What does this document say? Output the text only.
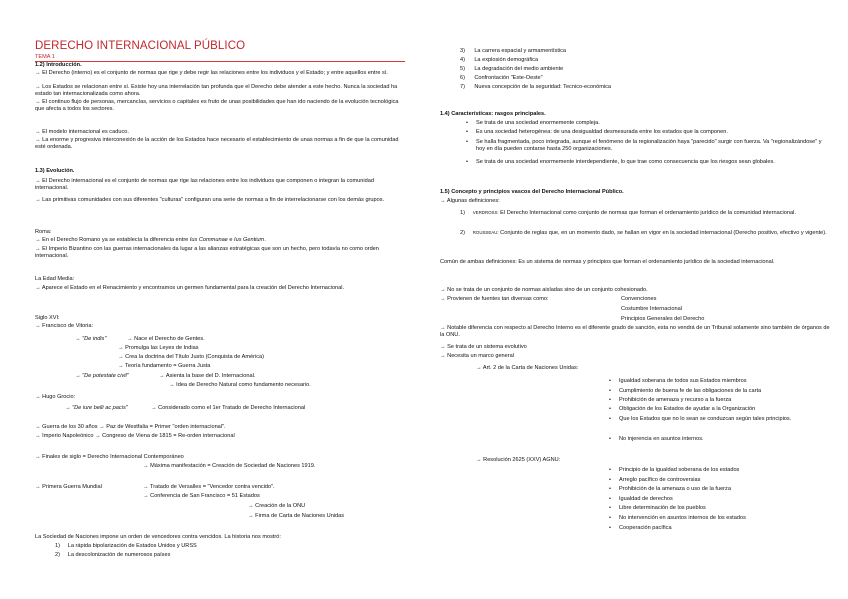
DERECHO INTERNACIONAL PÚBLICO
TEMA 1
1.2) Introducción.
→ El Derecho (interno) es el conjunto de normas que rige y debe regir las relaciones entre los individuos y el Estado; y entre aquellos entre sí.
→ Los Estados se relacionan entre sí. Existe hoy una interrelación tan profunda que el Derecho debe atender a este hecho. Nunca la sociedad ha estado tan internacionalizada como ahora.
→ El continuo flujo de personas, mercancías, servicios o capitales es fruto de unas posibilidades que han ido naciendo de la evolución tecnológica que afecta a todos los sectores.
→ El modelo internacional es caduco.
→ La enorme y progresiva interconexión de la acción de los Estados hace necesario el establecimiento de unas normas a fin de que la comunidad esté ordenada.
1.3) Evolución.
→ El Derecho internacional es el conjunto de normas que rige las relaciones entre los individuos que componen o integran la comunidad internacional.
→ Las primitivas comunidades con sus diferentes "culturas" configuran una serie de normas a fin de interrelacionarse con los demás grupos.
Roma:
→ En el Derecho Romano ya se establecía la diferencia entre Ius Communae e Ius Gentium.
→ El Imperio Bizantino con las guerras internacionales da lugar a las alianzas estratégicas que son un hecho, pero todavía no como orden internacional.
La Edad Media:
→ Aparece el Estado en el Renacimiento y encontramos un germen fundamental para la creación del Derecho Internacional.
Siglo XVI:
→ Francisco de Vitoria:
→ "De indis"	→ Nace el Derecho de Gentes.
→ Promulga las Leyes de Indias
→ Crea la doctrina del Título Justo (Conquista de América)
→ Teoría fundamento = Guerra Justa
→ "De potestate civil"	→ Asienta la base del D. Internacional.
→ Idea de Derecho Natural como fundamento necesario.
→ Hugo Grocio:
→ "De iure belli ac pacis"	→ Considerado como el 1er Tratado de Derecho Internacional
→ Guerra de los 30 años → Paz de Westfalia = Primer "orden internacional".
→ Imperio Napoleónico → Congreso de Viena de 1815 = Re-orden internacional
→ Finales de siglo = Derecho Internacional Contemporáneo
→ Máxima manifestación = Creación de Sociedad de Naciones 1919.
→ Primera Guerra Mundial	→ Tratado de Versalles = "Vencedor contra vencido".
→ Conferencia de San Francisco = 51 Estados
→ Creación de la ONU
→ Firma de Carta de Naciones Unidas
La Sociedad de Naciones impone un orden de vencedores contra vencidos. La historia nos mostró:
1)     La rápida bipolarización de Estados Unidos y URSS
2)     La descolonización de numerosos países
3)      La carrera espacial y armamentística
4)      La explosión demográfica
5)      La degradación del medio ambiente
6)      Confrontación "Este-Oeste"
7)      Nueva concepción de la seguridad: Tecnico-económica
1.4) Características: rasgos principales.
• Se trata de una sociedad enormemente compleja.
• Es una sociedad heterogénea: de una desigualdad desmesurada entre los estados que la componen.
• Se halla fragmentada, poco integrada, aunque el fenómeno de la regionalización haya "parecido" surgir con fuerza. Va "regionalizándose" y hoy en día pueden contarse hasta 250 organizaciones.
• Se trata de una sociedad enormemente interdependiente, lo que trae como consecuencia que los riesgos sean globales.
1.5) Concepto y principios vascos del Derecho Internacional Público.
→ Algunas definiciones:
1)     VERDROSS: El Derecho Internacional como conjunto de normas que forman el ordenamiento jurídico de la comunidad internacional.
2)     ROUSSEAU: Conjunto de reglas que, en un momento dado, se hallan en vigor en la sociedad internacional (Derecho positivo, efectivo y vigente).
Común de ambas definiciones: Es un sistema de normas y principios que forman el ordenamiento jurídico de la sociedad internacional.
→ No se trata de un conjunto de normas aisladas sino de un conjunto cohesionado.
→ Provienen de fuentes tan diversas como:	Convenciones
Costumbre Internacional
Principios Generales del Derecho
→ Notable diferencia con respecto al Derecho Interno es el diferente grado de sanción, esta no vendrá de un Tribunal solamente sino también de órganos de la ONU.
→ Se trata de un sistema evolutivo
→ Necesita un marco general
→ Art. 2 de la Carta de Naciones Unidas:
• Igualdad soberana de todos sus Estados miembros
• Cumplimiento de buena fe de las obligaciones de la carta
• Prohibición de amenaza y recurso a la fuerza
• Obligación de los Estados de ayudar a la Organización
• Que los Estados que no lo sean se conduzcan según tales principios.
• No injerencia en asuntos internos.
→ Resolución 2625 (XXV) AGNU:
• Principio de la igualdad soberana de los estados
• Arreglo pacífico de controversias
• Prohibición de la amenaza o uso de la fuerza
• Igualdad de derechos
• Libre determinación de los pueblos
• No intervención en asuntos internos de los estados
• Cooperación pacífica
